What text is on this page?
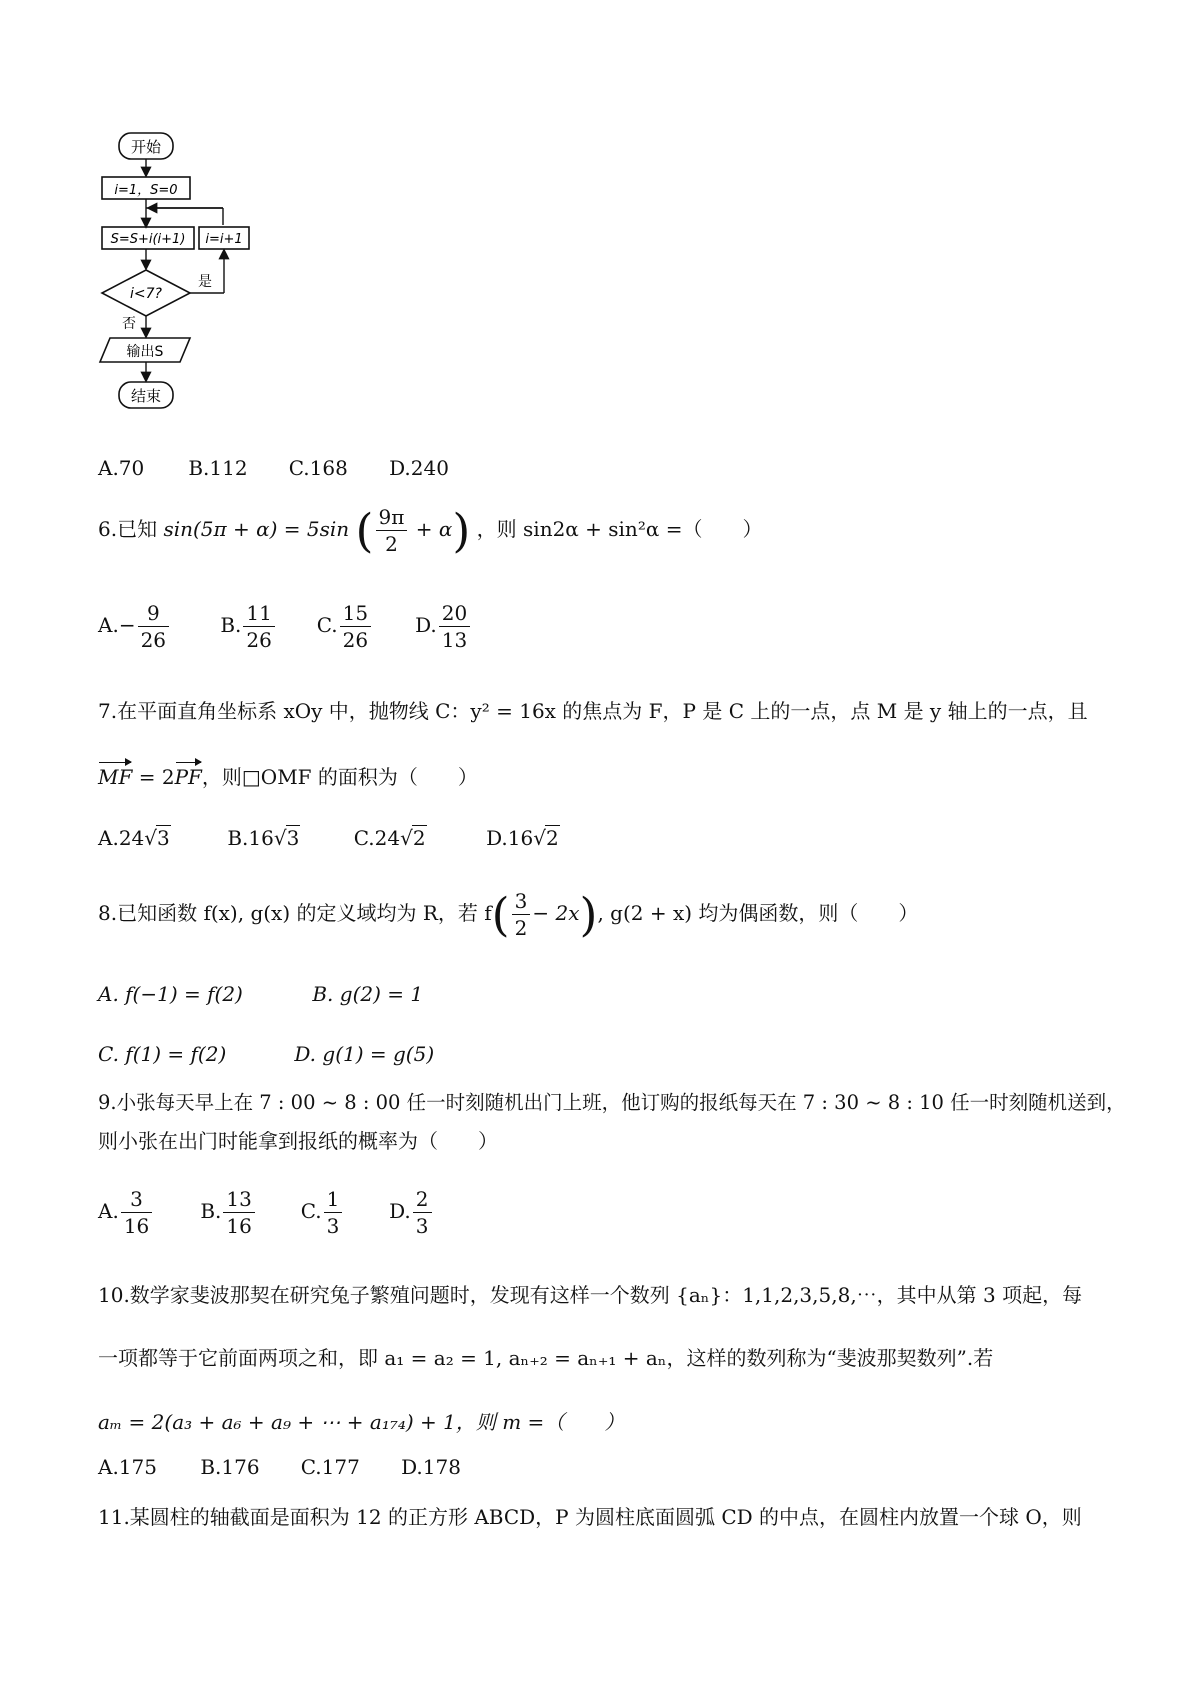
开始
i=1，S=0
S=S+i(i+1) i=i+1
i<7?
是
否
输出S
结束
A.70 B.112 C.168 D.240
6.已知 sin(5π + α) = 5sin ( $\frac{9\pi}{2} + \alpha$) ，则 sin2α + sin²α =（　　）
$A.- \frac{9}{26}$	B. $\frac{11}{26} C$. $\frac{15}{26} D$. $\frac{20}{13}$
7.在平面直角坐标系 xOy 中，抛物线 C：y² = 16x 的焦点为 F，P 是 C 上的一点，点 M 是 y 轴上的一点，且
MF = 2PF，则□OMF 的面积为（　　）
A.24√3	B.16√3	C.24√2	D.16√2
8.已知函数 f(x), g(x) 的定义域均为 R，若 $f( \frac{3}{2} - 2x)$, g(2 + x) 均为偶函数，则（　　）
A. f(−1) = f(2)	B. g(2) = 1
C. f(1) = f(2)	D. g(1) = g(5)
9.小张每天早上在 7 : 00 ~ 8 : 00 任一时刻随机出门上班，他订购的报纸每天在 7 : 30 ~ 8 : 10 任一时刻随机送到，
则小张在出门时能拿到报纸的概率为（　　）
A. $\frac{3}{16} B$. $\frac{13}{16} C$. $\frac{1}{3} D$. $\frac{2}{3}$
10.数学家斐波那契在研究兔子繁殖问题时，发现有这样一个数列 {aₙ}：1,1,2,3,5,8,⋯，其中从第 3 项起，每
一项都等于它前面两项之和，即 a₁ = a₂ = 1, aₙ₊₂ = aₙ₊₁ + aₙ，这样的数列称为“斐波那契数列”.若
aₘ = 2(a₃ + a₆ + a₉ + ⋯ + a₁₇₄) + 1，则 m =（　　）
A.175 B.176 C.177 D.178
11.某圆柱的轴截面是面积为 12 的正方形 ABCD，P 为圆柱底面圆弧 CD 的中点，在圆柱内放置一个球 O，则
